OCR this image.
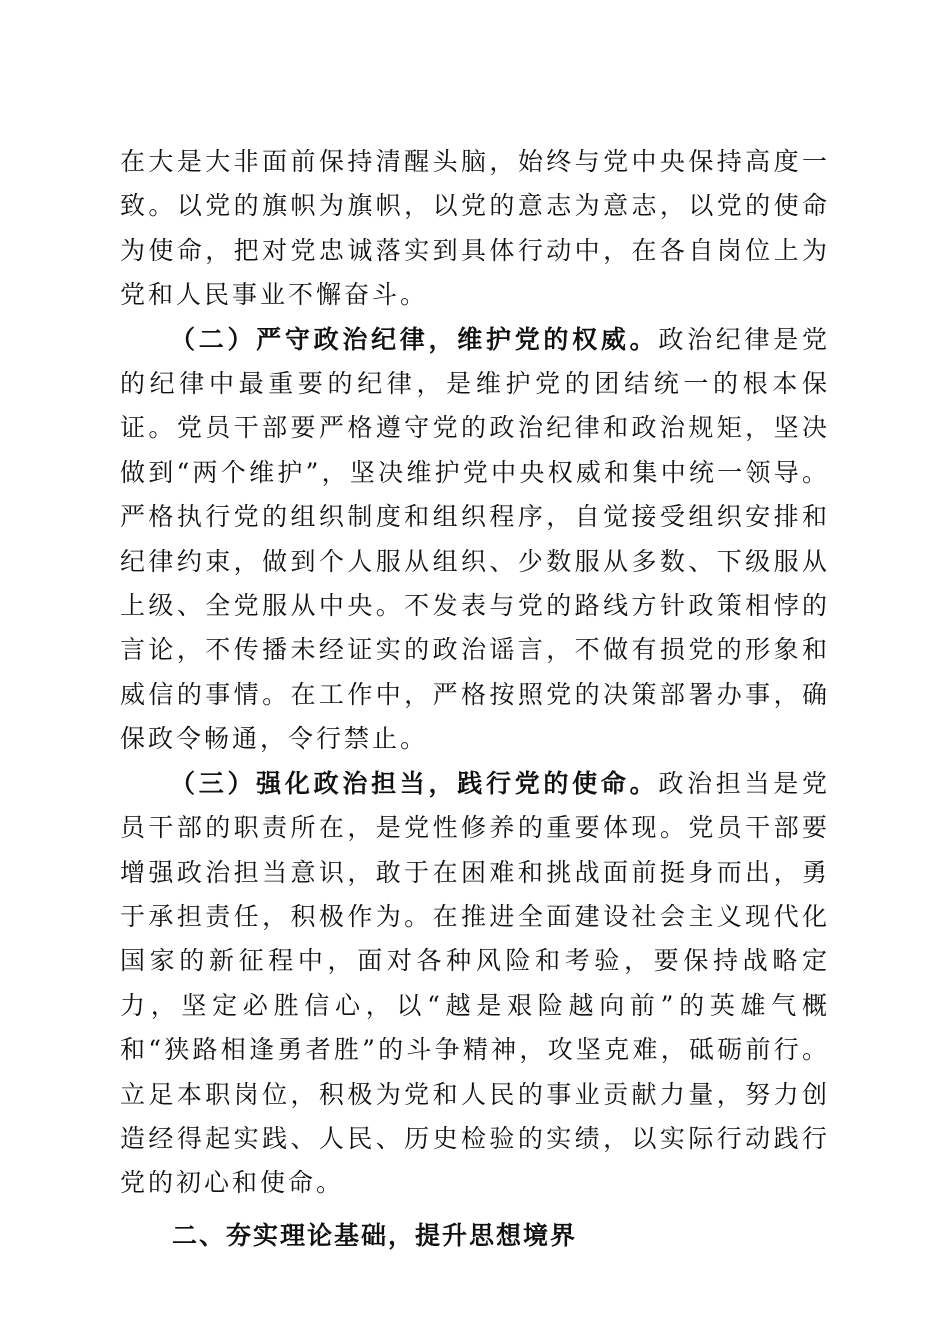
在大是大非面前保持清醒头脑，始终与党中央保持高度一致。以党的旗帜为旗帜，以党的意志为意志，以党的使命为使命，把对党忠诚落实到具体行动中，在各自岗位上为党和人民事业不懈奋斗。

（二）严守政治纪律，维护党的权威。政治纪律是党的纪律中最重要的纪律，是维护党的团结统一的根本保证。党员干部要严格遵守党的政治纪律和政治规矩，坚决做到“两个维护”，坚决维护党中央权威和集中统一领导。严格执行党的组织制度和组织程序，自觉接受组织安排和纪律约束，做到个人服从组织、少数服从多数、下级服从上级、全党服从中央。不发表与党的路线方针政策相悖的言论，不传播未经证实的政治谣言，不做有损党的形象和威信的事情。在工作中，严格按照党的决策部署办事，确保政令畅通，令行禁止。

（三）强化政治担当，践行党的使命。政治担当是党员干部的职责所在，是党性修养的重要体现。党员干部要增强政治担当意识，敢于在困难和挑战面前挺身而出，勇于承担责任，积极作为。在推进全面建设社会主义现代化国家的新征程中，面对各种风险和考验，要保持战略定力，坚定必胜信心，以“越是艰险越向前”的英雄气概和“狭路相逢勇者胜”的斗争精神，攻坚克难，砥砺前行。立足本职岗位，积极为党和人民的事业贡献力量，努力创造经得起实践、人民、历史检验的实绩，以实际行动践行党的初心和使命。

二、夯实理论基础，提升思想境界
